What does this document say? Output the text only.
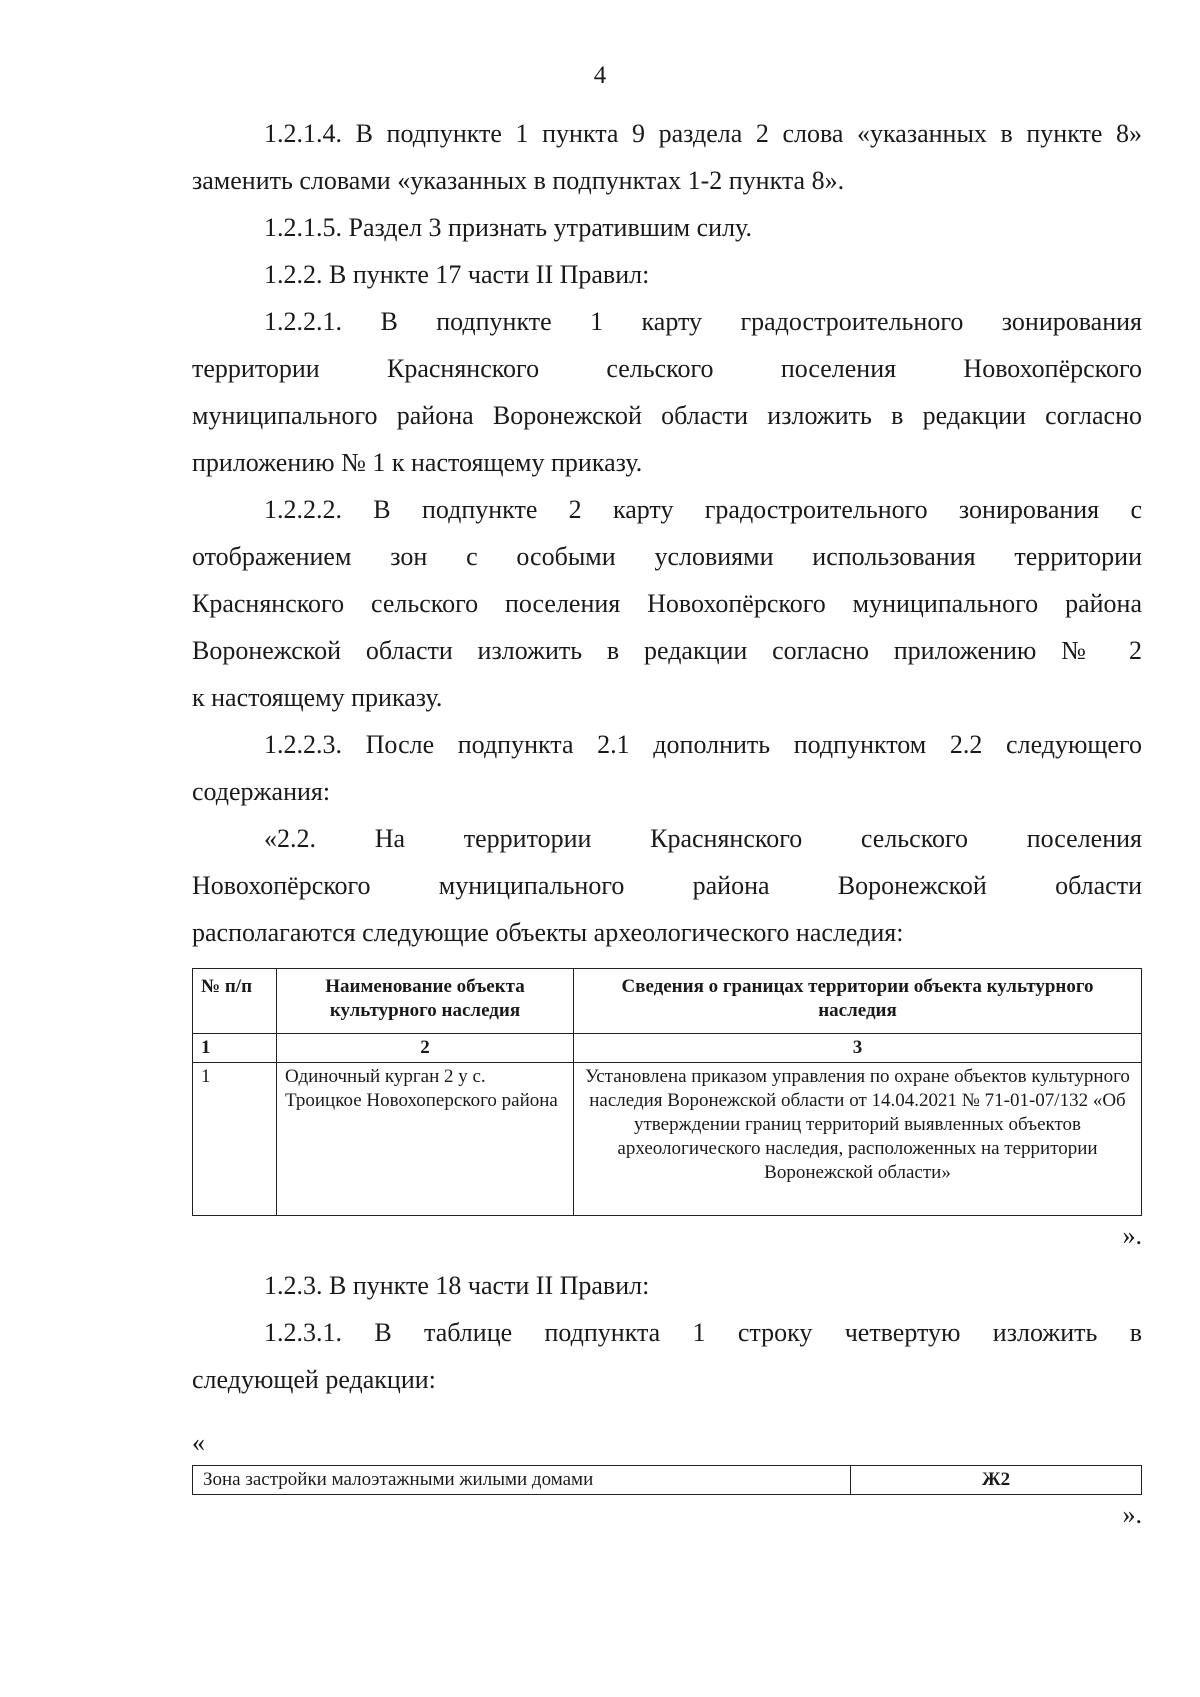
4

1.2.1.4. В подпункте 1 пункта 9 раздела 2 слова «указанных в пункте 8»

заменить словами «указанных в подпунктах 1-2 пункта 8».

1.2.1.5. Раздел 3 признать утратившим силу.

1.2.2. В пункте 17 части II Правил:

1.2.2.1. В подпункте 1 карту градостроительного зонирования

территории Краснянского сельского поселения Новохопёрского

муниципального района Воронежской области изложить в редакции согласно

приложению № 1 к настоящему приказу.

1.2.2.2. В подпункте 2 карту градостроительного зонирования с

отображением зон с особыми условиями использования территории

Краснянского сельского поселения Новохопёрского муниципального района

Воронежской области изложить в редакции согласно приложению № 2

к настоящему приказу.

1.2.2.3. После подпункта 2.1 дополнить подпунктом 2.2 следующего

содержания:

«2.2. На территории Краснянского сельского поселения

Новохопёрского муниципального района Воронежской области

располагаются следующие объекты археологического наследия:

№ п/п	Наименование объекта культурного наследия	Сведения о границах территории объекта культурного наследия
1	2	3
1	Одиночный курган 2 у с. Троицкое Новохоперского района	Установлена приказом управления по охране объектов культурного наследия Воронежской области от 14.04.2021 № 71-01-07/132 «Об утверждении границ территорий выявленных объектов археологического наследия, расположенных на территории Воронежской области»

».

1.2.3. В пункте 18 части II Правил:

1.2.3.1. В таблице подпункта 1 строку четвертую изложить в

следующей редакции:

«

Зона застройки малоэтажными жилыми домами	Ж2

».
